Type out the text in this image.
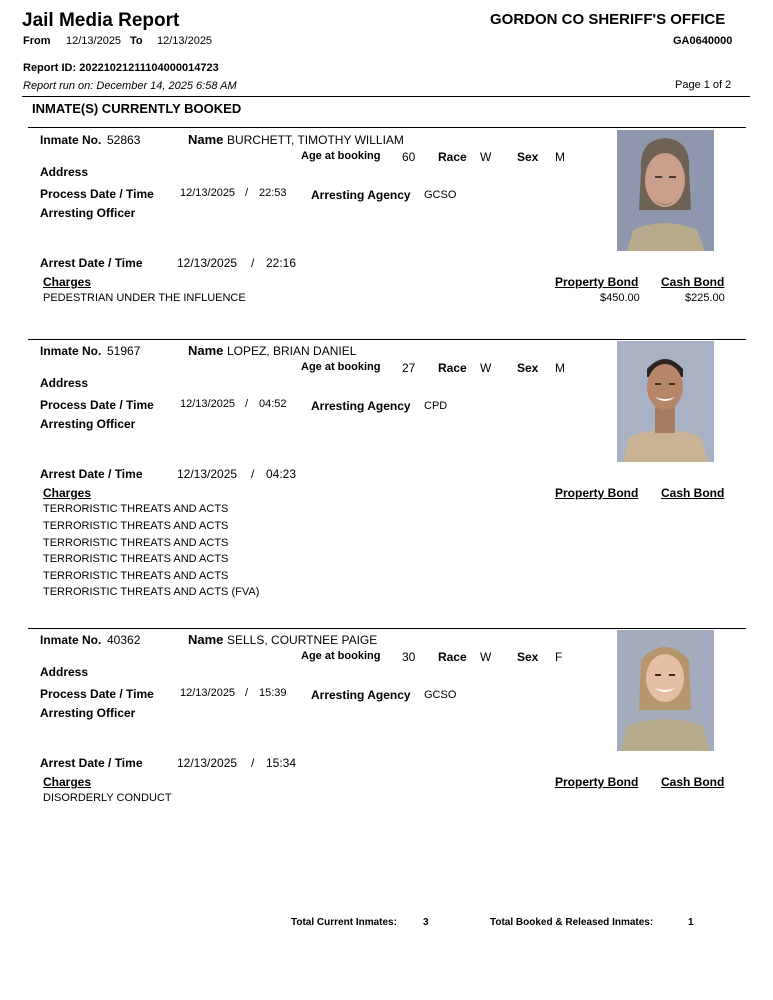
Jail Media Report	GORDON CO SHERIFF'S OFFICE
From 12/13/2025 To 12/13/2025	GA0640000
Report ID: 20221021211104000014723
Report run on: December 14, 2025 6:58 AM	Page 1 of 2
INMATE(S) CURRENTLY BOOKED
Inmate No. 52863	Name BURCHETT, TIMOTHY WILLIAM
Age at booking 60 Race W Sex M
Address
Process Date / Time 12/13/2025 / 22:53 Arresting Agency GCSO
Arresting Officer
Arrest Date / Time	12/13/2025 / 22:16
Charges	Property Bond Cash Bond
PEDESTRIAN UNDER THE INFLUENCE	$450.00	$225.00
Inmate No. 51967	Name LOPEZ, BRIAN DANIEL
Age at booking 27 Race W Sex M
Address
Process Date / Time 12/13/2025 / 04:52 Arresting Agency CPD
Arresting Officer
Arrest Date / Time	12/13/2025 / 04:23
Charges	Property Bond Cash Bond
TERRORISTIC THREATS AND ACTS
TERRORISTIC THREATS AND ACTS
TERRORISTIC THREATS AND ACTS
TERRORISTIC THREATS AND ACTS
TERRORISTIC THREATS AND ACTS
TERRORISTIC THREATS AND ACTS (FVA)
Inmate No. 40362	Name SELLS, COURTNEE PAIGE
Age at booking 30 Race W Sex F
Address
Process Date / Time 12/13/2025 / 15:39 Arresting Agency GCSO
Arresting Officer
Arrest Date / Time	12/13/2025 / 15:34
Charges	Property Bond Cash Bond
DISORDERLY CONDUCT
Total Current Inmates:	3	Total Booked & Released Inmates:	1
